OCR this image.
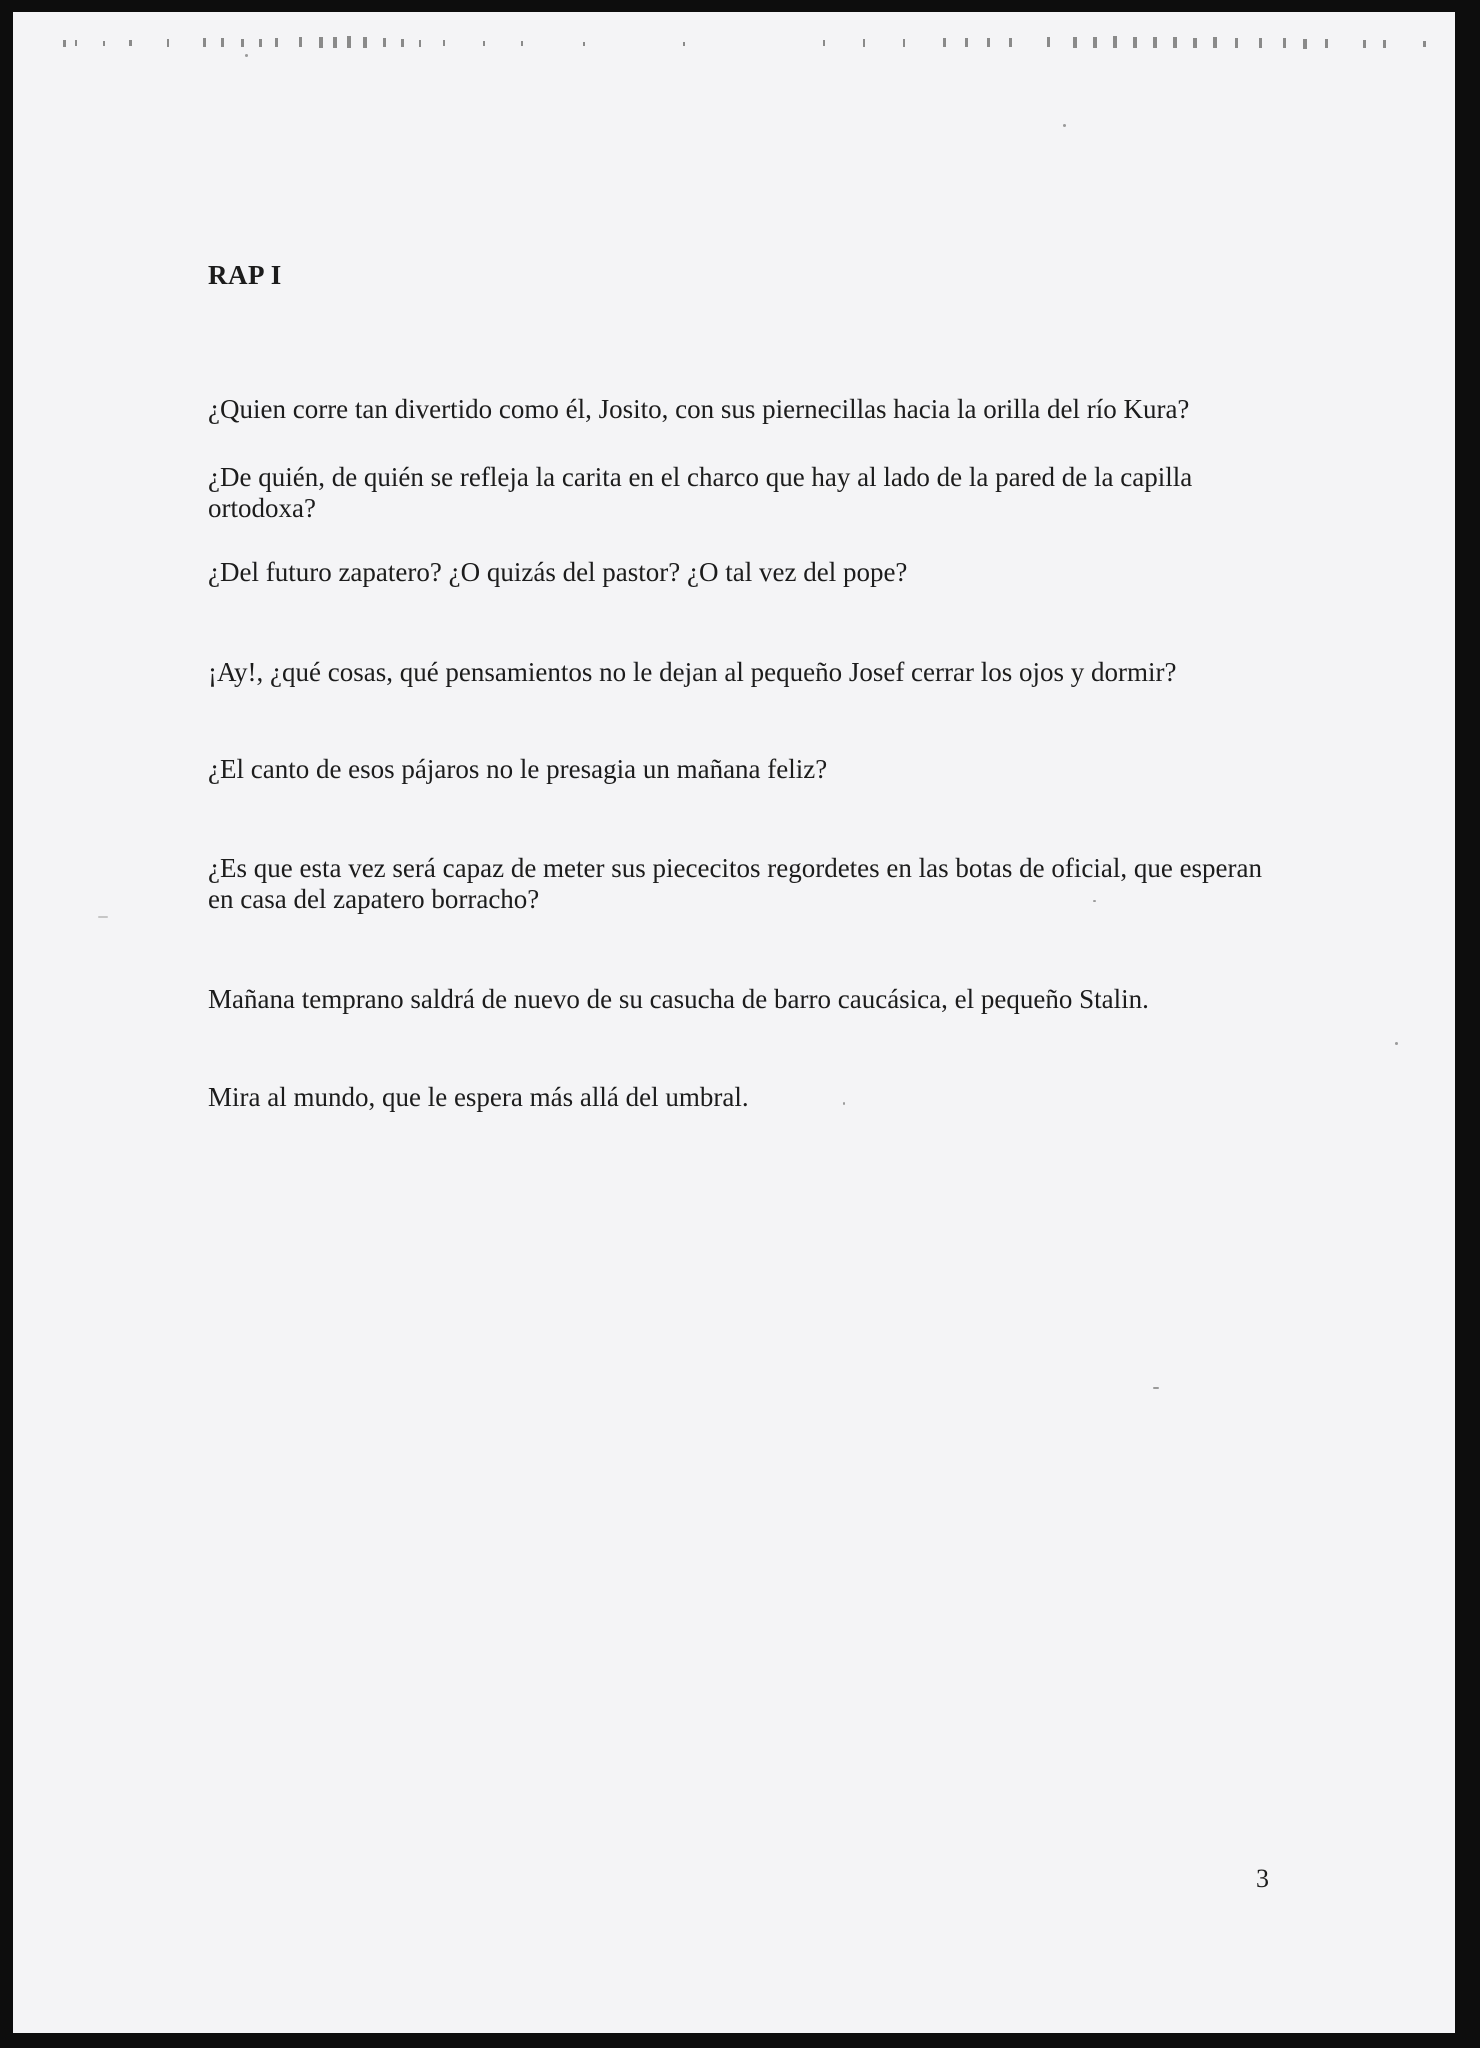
RAP I

¿Quien corre tan divertido como él, Josito, con sus piernecillas hacia la orilla del río Kura?

¿De quién, de quién se refleja la carita en el charco que hay al lado de la pared de la capilla ortodoxa?

¿Del futuro zapatero? ¿O quizás del pastor? ¿O tal vez del pope?

¡Ay!, ¿qué cosas, qué pensamientos no le dejan al pequeño Josef cerrar los ojos y dormir?

¿El canto de esos pájaros no le presagia un mañana feliz?

¿Es que esta vez será capaz de meter sus piececitos regordetes en las botas de oficial, que esperan en casa del zapatero borracho?

Mañana temprano saldrá de nuevo de su casucha de barro caucásica, el pequeño Stalin.

Mira al mundo, que le espera más allá del umbral.

3
